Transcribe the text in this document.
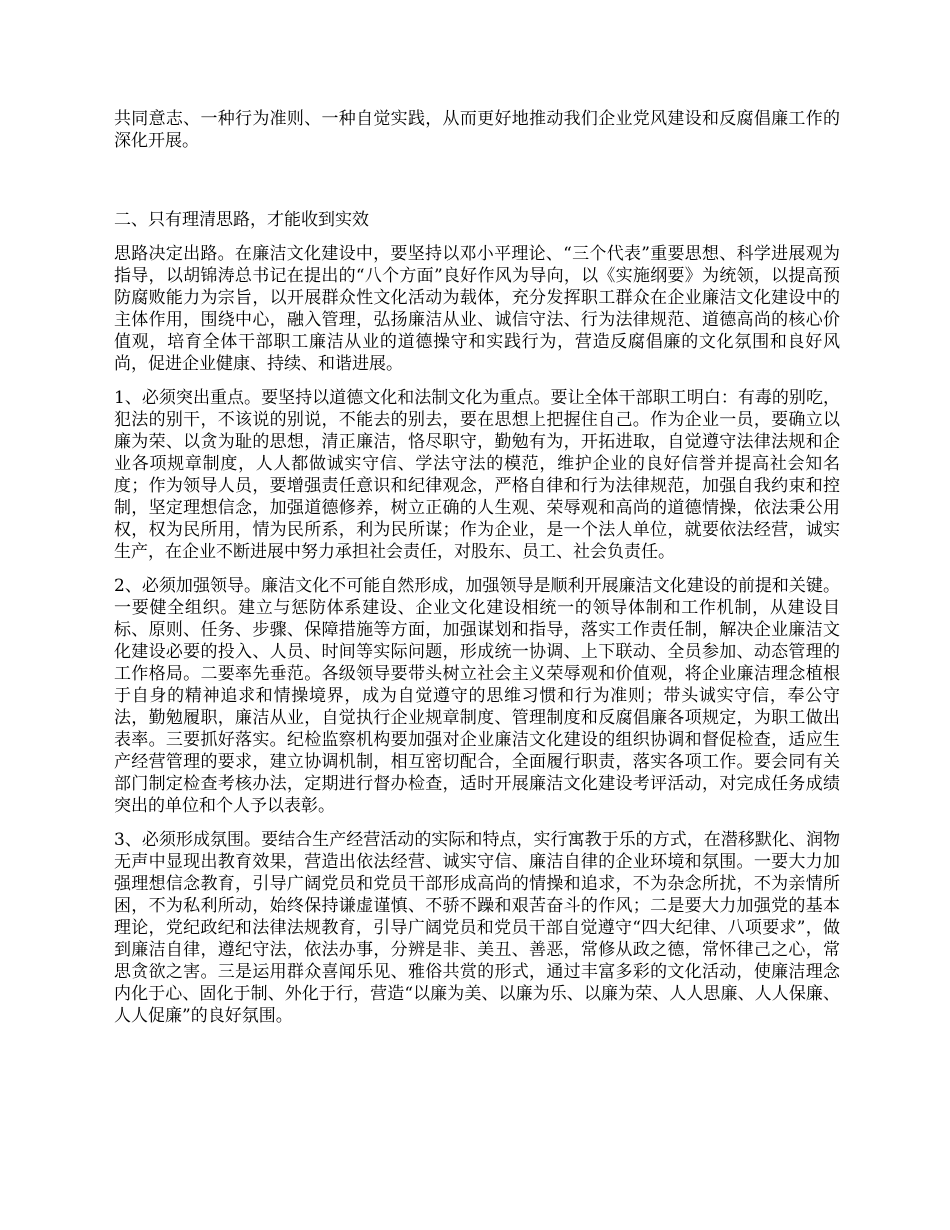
共同意志、一种行为准则、一种自觉实践，从而更好地推动我们企业党风建设和反腐倡廉工作的深化开展。

二、只有理清思路，才能收到实效

思路决定出路。在廉洁文化建设中，要坚持以邓小平理论、“三个代表”重要思想、科学进展观为指导，以胡锦涛总书记在提出的“八个方面”良好作风为导向，以《实施纲要》为统领，以提高预防腐败能力为宗旨，以开展群众性文化活动为载体，充分发挥职工群众在企业廉洁文化建设中的主体作用，围绕中心，融入管理，弘扬廉洁从业、诚信守法、行为法律规范、道德高尚的核心价值观，培育全体干部职工廉洁从业的道德操守和实践行为，营造反腐倡廉的文化氛围和良好风尚，促进企业健康、持续、和谐进展。

1、必须突出重点。要坚持以道德文化和法制文化为重点。要让全体干部职工明白：有毒的别吃，犯法的别干，不该说的别说，不能去的别去，要在思想上把握住自己。作为企业一员，要确立以廉为荣、以贪为耻的思想，清正廉洁，恪尽职守，勤勉有为，开拓进取，自觉遵守法律法规和企业各项规章制度，人人都做诚实守信、学法守法的模范，维护企业的良好信誉并提高社会知名度；作为领导人员，要增强责任意识和纪律观念，严格自律和行为法律规范，加强自我约束和控制，坚定理想信念，加强道德修养，树立正确的人生观、荣辱观和高尚的道德情操，依法秉公用权，权为民所用，情为民所系，利为民所谋；作为企业，是一个法人单位，就要依法经营，诚实生产，在企业不断进展中努力承担社会责任，对股东、员工、社会负责任。

2、必须加强领导。廉洁文化不可能自然形成，加强领导是顺利开展廉洁文化建设的前提和关键。一要健全组织。建立与惩防体系建设、企业文化建设相统一的领导体制和工作机制，从建设目标、原则、任务、步骤、保障措施等方面，加强谋划和指导，落实工作责任制，解决企业廉洁文化建设必要的投入、人员、时间等实际问题，形成统一协调、上下联动、全员参加、动态管理的工作格局。二要率先垂范。各级领导要带头树立社会主义荣辱观和价值观，将企业廉洁理念植根于自身的精神追求和情操境界，成为自觉遵守的思维习惯和行为准则；带头诚实守信，奉公守法，勤勉履职，廉洁从业，自觉执行企业规章制度、管理制度和反腐倡廉各项规定，为职工做出表率。三要抓好落实。纪检监察机构要加强对企业廉洁文化建设的组织协调和督促检查，适应生产经营管理的要求，建立协调机制，相互密切配合，全面履行职责，落实各项工作。要会同有关部门制定检查考核办法，定期进行督办检查，适时开展廉洁文化建设考评活动，对完成任务成绩突出的单位和个人予以表彰。

3、必须形成氛围。要结合生产经营活动的实际和特点，实行寓教于乐的方式，在潜移默化、润物无声中显现出教育效果，营造出依法经营、诚实守信、廉洁自律的企业环境和氛围。一要大力加强理想信念教育，引导广阔党员和党员干部形成高尚的情操和追求，不为杂念所扰，不为亲情所困，不为私利所动，始终保持谦虚谨慎、不骄不躁和艰苦奋斗的作风；二是要大力加强党的基本理论，党纪政纪和法律法规教育，引导广阔党员和党员干部自觉遵守“四大纪律、八项要求”，做到廉洁自律，遵纪守法，依法办事，分辨是非、美丑、善恶，常修从政之德，常怀律己之心，常思贪欲之害。三是运用群众喜闻乐见、雅俗共赏的形式，通过丰富多彩的文化活动，使廉洁理念内化于心、固化于制、外化于行，营造“以廉为美、以廉为乐、以廉为荣、人人思廉、人人保廉、人人促廉”的良好氛围。
